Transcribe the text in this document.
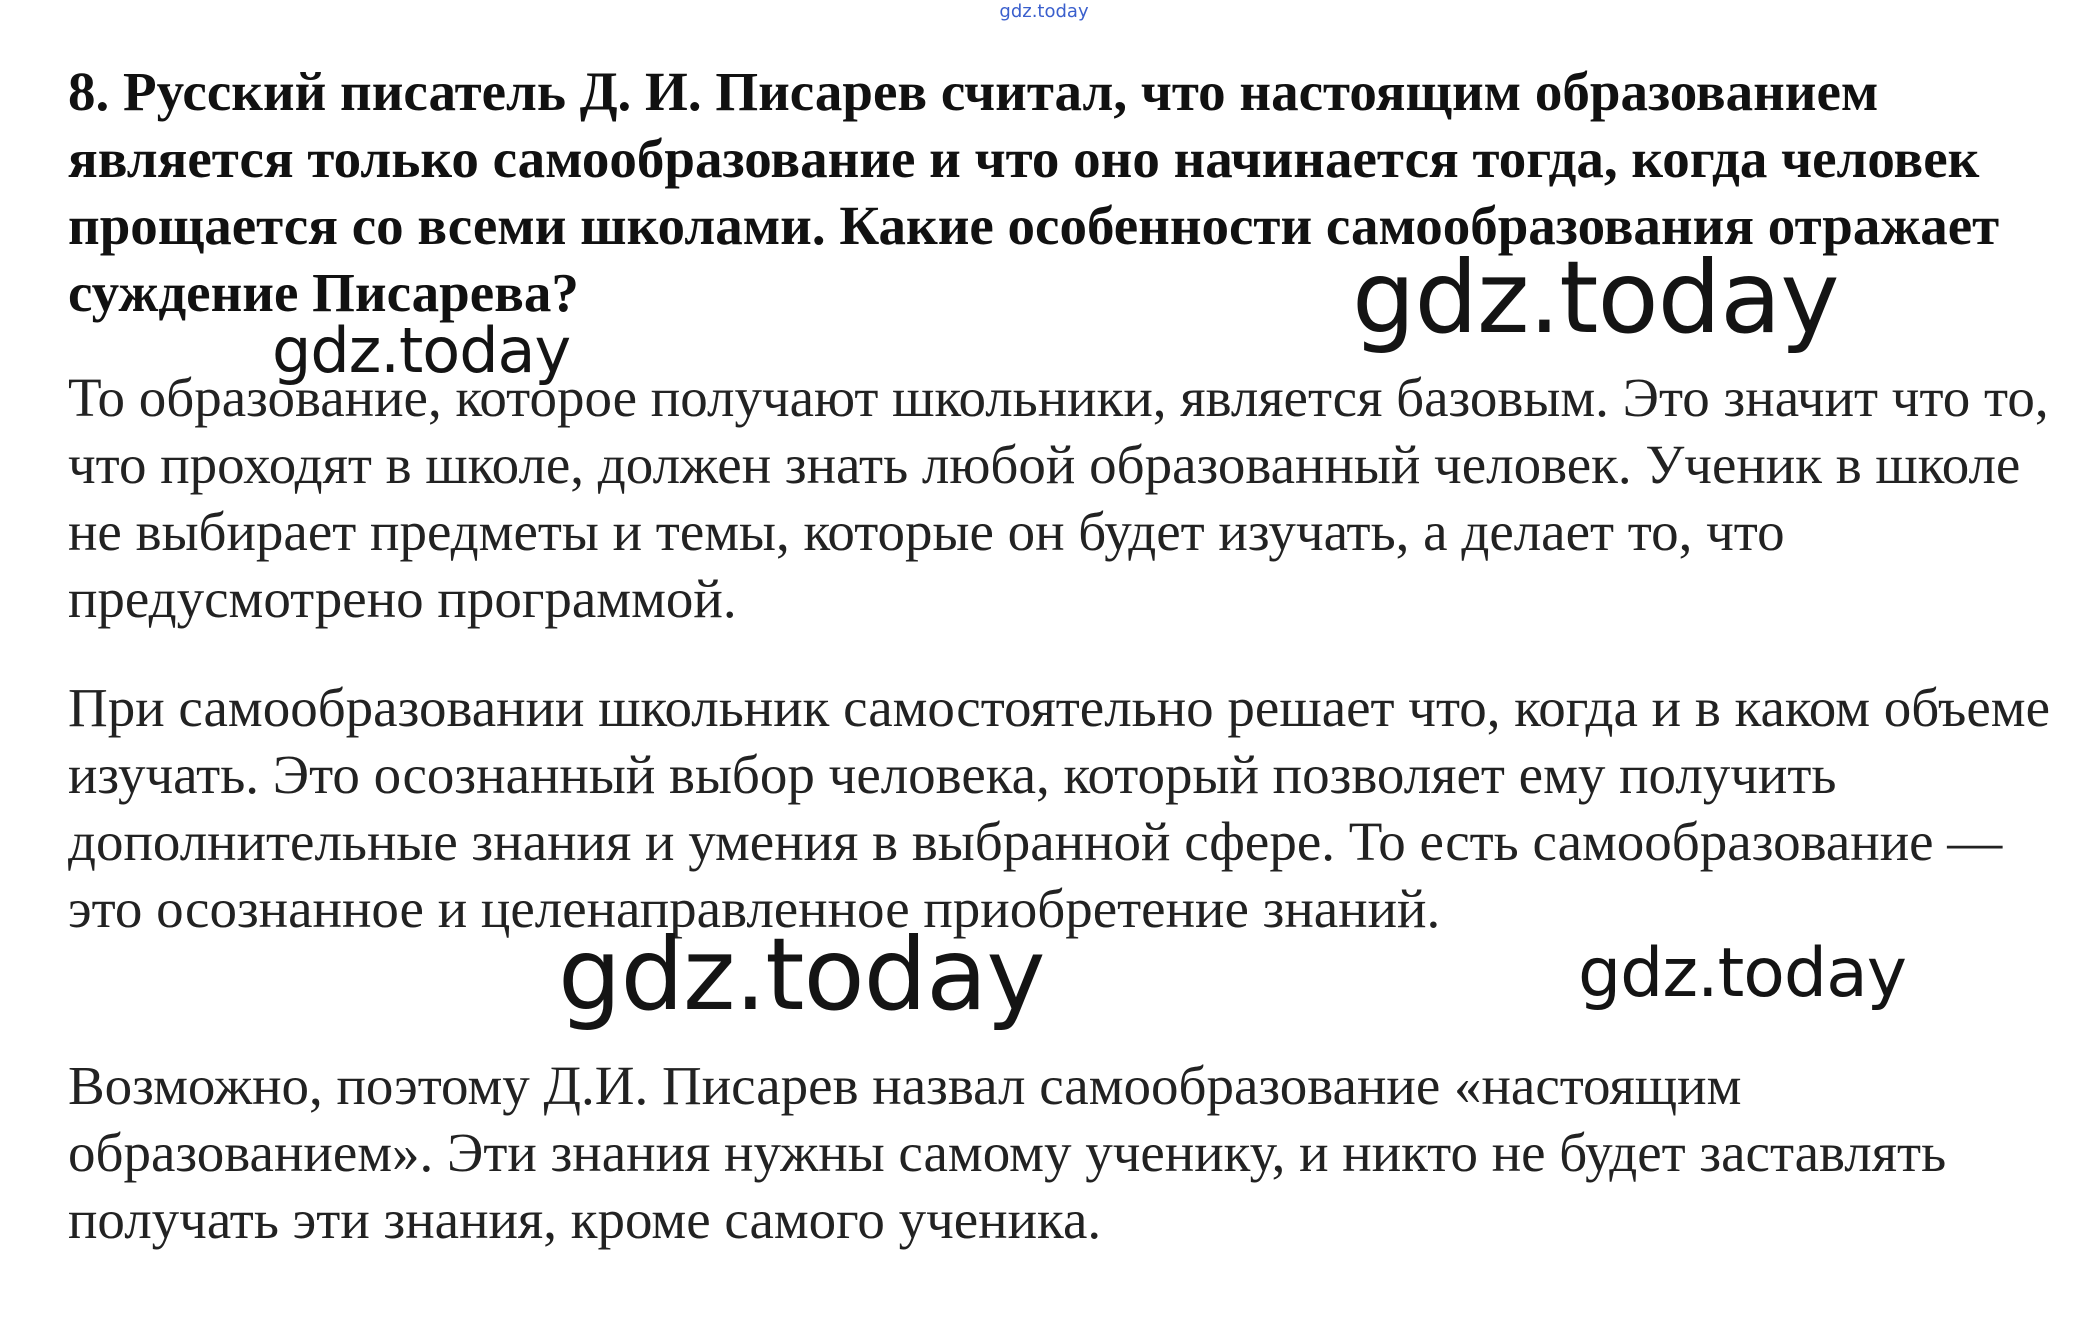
gdz.today

8. Русский писатель Д. И. Писарев считал, что настоящим образованием является только самообразование и что оно начинается тогда, когда человек прощается со всеми школами. Какие особенности самообразования отражает суждение Писарева?

То образование, которое получают школьники, является базовым. Это значит что то, что проходят в школе, должен знать любой образованный человек. Ученик в школе не выбирает предметы и темы, которые он будет изучать, а делает то, что предусмотрено программой.

При самообразовании школьник самостоятельно решает что, когда и в каком объеме изучать. Это осознанный выбор человека, который позволяет ему получить дополнительные знания и умения в выбранной сфере. То есть самообразование — это осознанное и целенаправленное приобретение знаний.

Возможно, поэтому Д.И. Писарев назвал самообразование «настоящим образованием». Эти знания нужны самому ученику, и никто не будет заставлять получать эти знания, кроме самого ученика.

gdz.today
gdz.today
gdz.today	gdz.today
